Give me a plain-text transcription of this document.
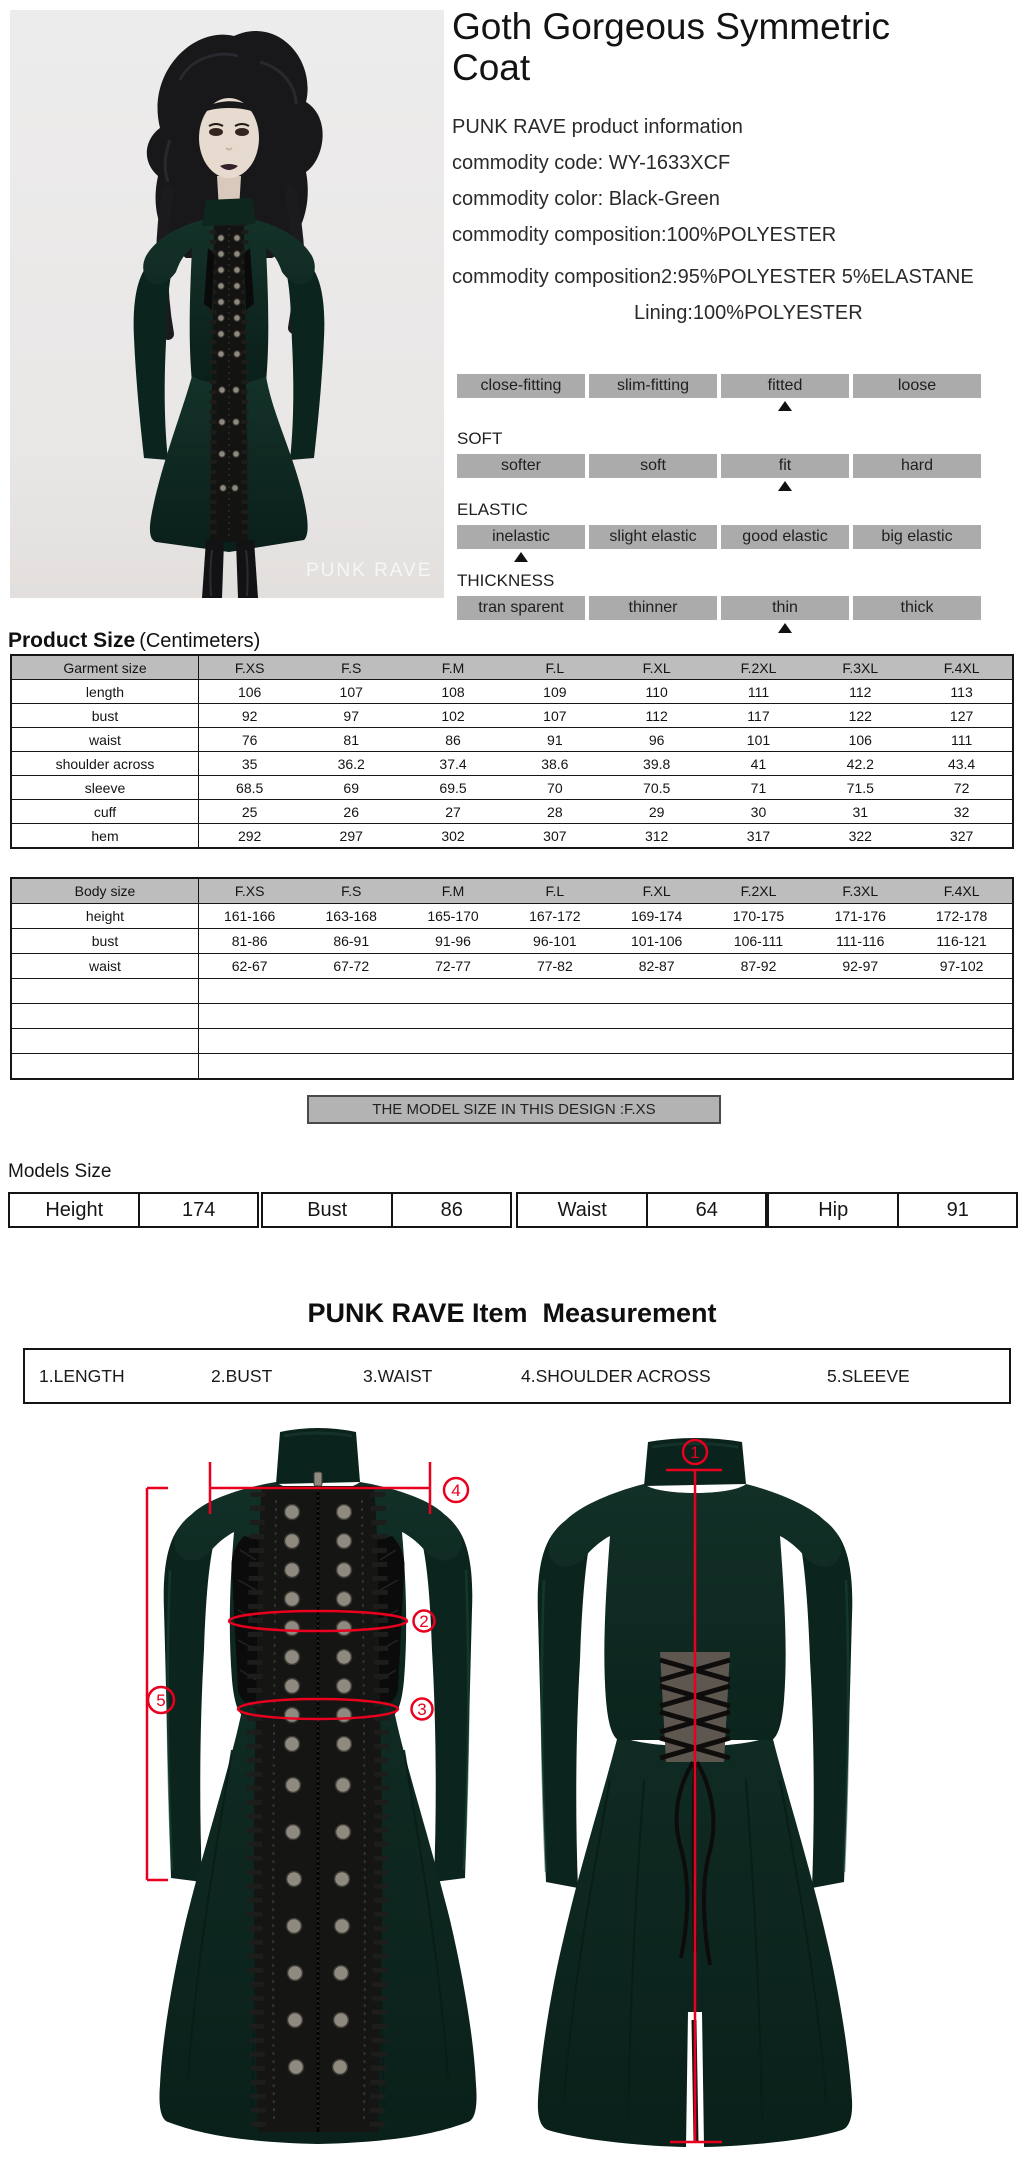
PUNK RAVE
Goth Gorgeous Symmetric Coat
PUNK RAVE product information
commodity code: WY-1633XCF
commodity color: Black-Green
commodity composition:100%POLYESTER
commodity composition2:95%POLYESTER 5%ELASTANE
Lining:100%POLYESTER
close-fitting	slim-fitting	fitted	loose
SOFT
softer	soft	fit	hard
ELASTIC
inelastic	slight elastic	good elastic	big elastic
THICKNESS
tran sparent	thinner	thin	thick
Product Size (Centimeters)
Garment size	F.XS	F.S	F.M	F.L	F.XL	F.2XL	F.3XL	F.4XL
length	106	107	108	109	110	111	112	113
bust	92	97	102	107	112	117	122	127
waist	76	81	86	91	96	101	106	111
shoulder across	35	36.2	37.4	38.6	39.8	41	42.2	43.4
sleeve	68.5	69	69.5	70	70.5	71	71.5	72
cuff	25	26	27	28	29	30	31	32
hem	292	297	302	307	312	317	322	327
Body size	F.XS	F.S	F.M	F.L	F.XL	F.2XL	F.3XL	F.4XL
height	161-166	163-168	165-170	167-172	169-174	170-175	171-176	172-178
bust	81-86	86-91	91-96	96-101	101-106	106-111	111-116	116-121
waist	62-67	67-72	72-77	77-82	82-87	87-92	92-97	97-102

THE MODEL SIZE IN THIS DESIGN :F.XS
Models Size
Height	174	Bust	86	Waist	64	Hip	91
PUNK RAVE Item  Measurement
1.LENGTH	2.BUST	3.WAIST	4.SHOULDER ACROSS	5.SLEEVE
4
2
3
5
1
